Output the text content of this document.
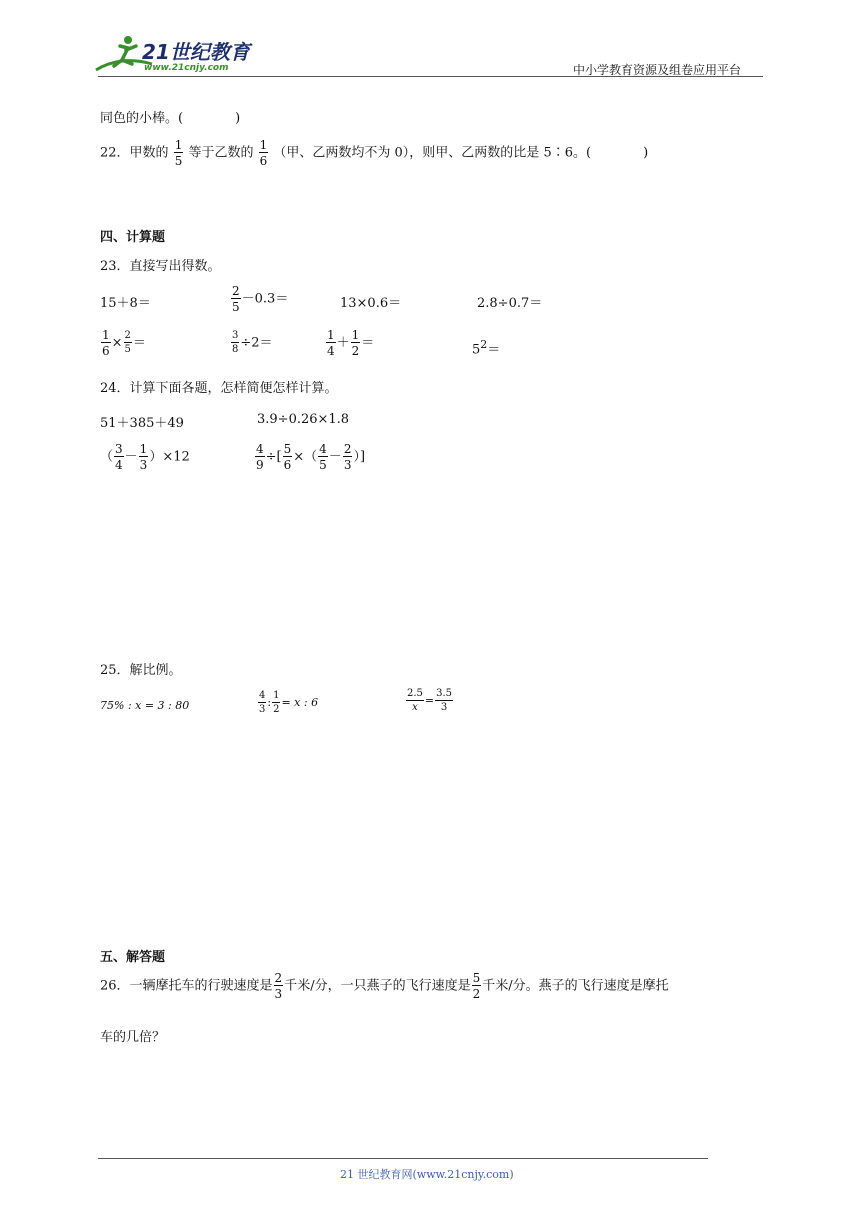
21世纪教育
www.21cnjy.com	中小学教育资源及组卷应用平台
同色的小棒。(	)
22．甲数的 $\frac{1}{5}$ 等于乙数的 $\frac{1}{6}$ （甲、乙两数均不为 0），则甲、乙两数的比是 5∶6。(	)
四、计算题
23．直接写出得数。
15＋8＝	$\frac{2}{5} -0.3=$	13×0.6＝	2.8÷0.7＝
$\frac{1}{6} \times \frac{2}{5}$ ＝	$\frac{3}{8} \div 2=$	$\frac{1}{4} + \frac{1}{2}$ ＝	$5^2=$
24．计算下面各题，怎样简便怎样计算。
51＋385＋49	3.9÷0.26×1.8
（ $\frac{3}{4} - \frac{1}{3} )\times 12$	$\frac{4}{9}$ ÷[ $\frac{5}{6}$ ×（ $\frac{4}{5} - \frac{2}{3}$ ）]
25．解比例。
75% : x = 3 : 80	$\frac{4}{3}$ : $\frac{1}{2} = x$ : 6	$\frac{2.5}{x} = \frac{3.5}{3}$
五、解答题
26．一辆摩托车的行驶速度是 $\frac{2}{3}$ 千米/分，一只燕子的飞行速度是 $\frac{5}{2}$ 千米/分。燕子的飞行速度是摩托
车的几倍？
21 世纪教育网(www.21cnjy.com)
